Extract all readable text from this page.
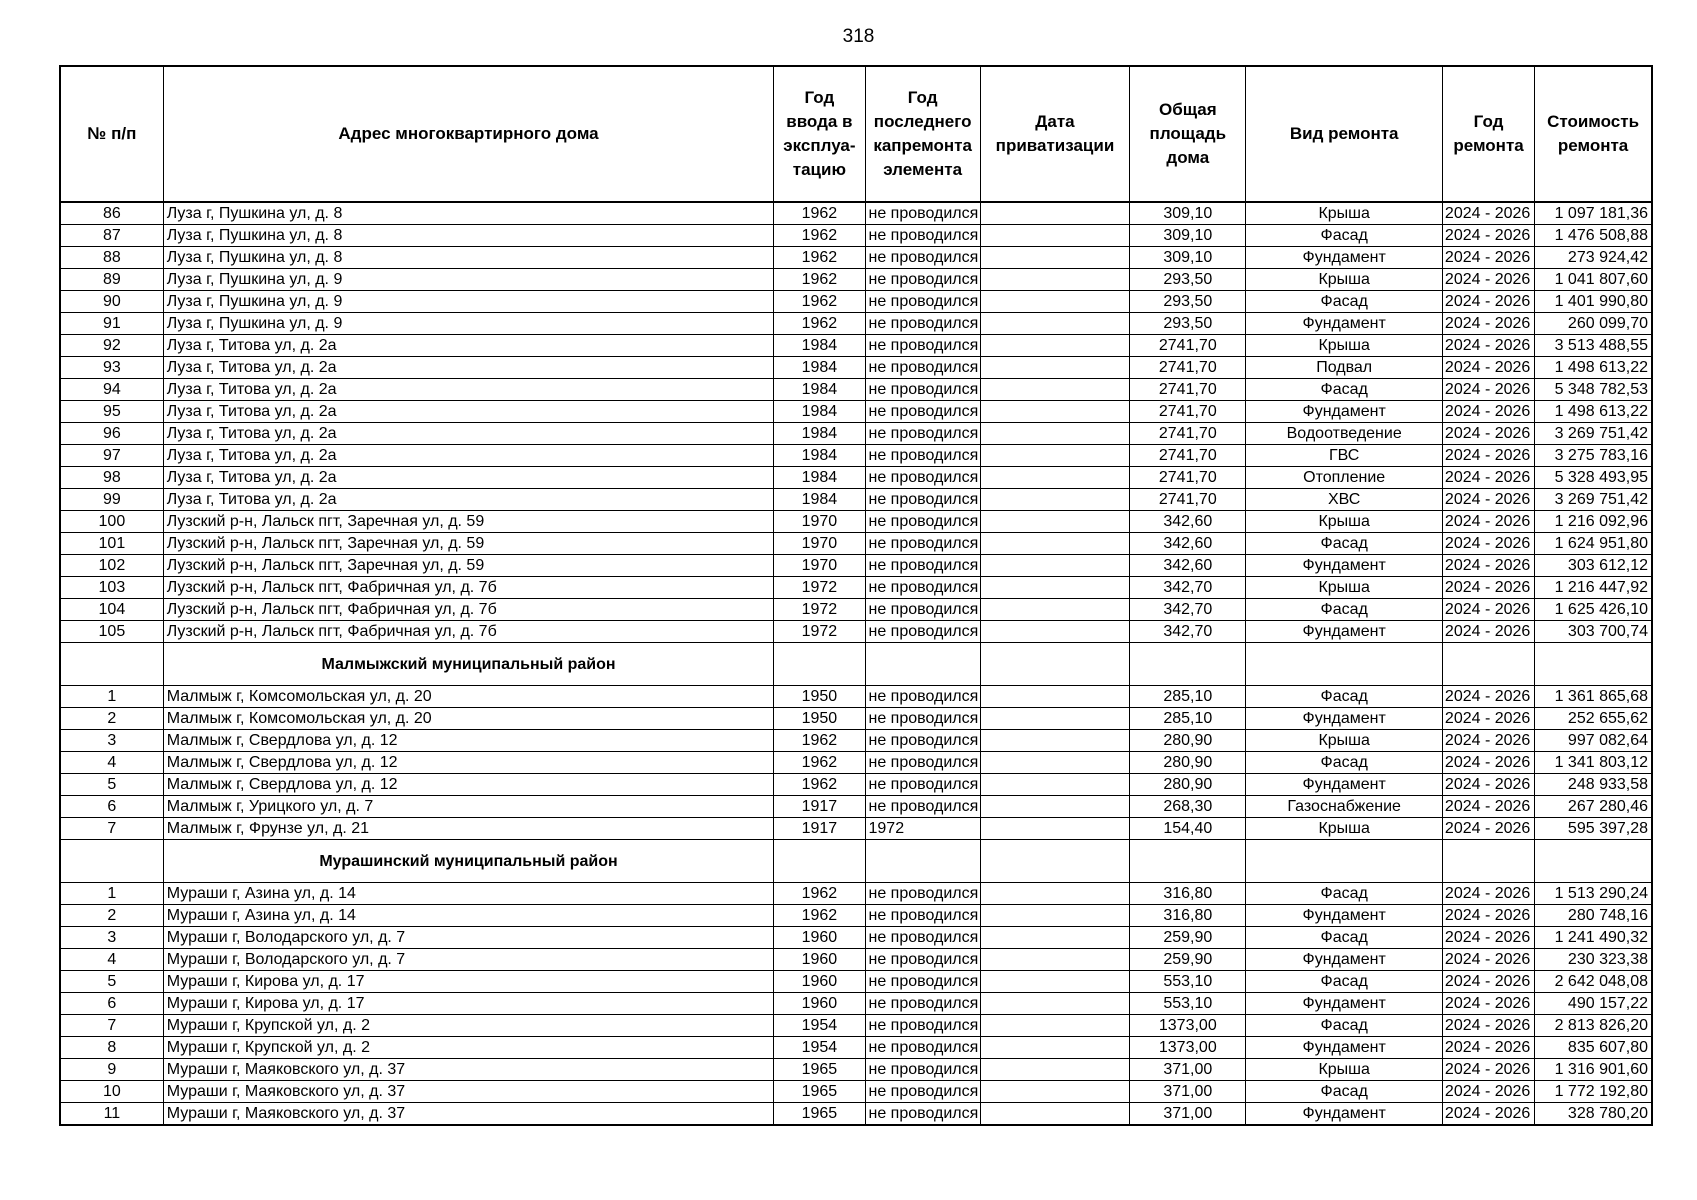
318
№ п/п	Адрес многоквартирного дома	Год ввода в эксплуа-тацию	Год последнего капремонта элемента	Дата приватизации	Общая площадь дома	Вид ремонта	Год ремонта	Стоимость ремонта
86	Луза г, Пушкина ул, д. 8	1962	не проводился		309,10	Крыша	2024 - 2026	1 097 181,36
87	Луза г, Пушкина ул, д. 8	1962	не проводился		309,10	Фасад	2024 - 2026	1 476 508,88
88	Луза г, Пушкина ул, д. 8	1962	не проводился		309,10	Фундамент	2024 - 2026	273 924,42
89	Луза г, Пушкина ул, д. 9	1962	не проводился		293,50	Крыша	2024 - 2026	1 041 807,60
90	Луза г, Пушкина ул, д. 9	1962	не проводился		293,50	Фасад	2024 - 2026	1 401 990,80
91	Луза г, Пушкина ул, д. 9	1962	не проводился		293,50	Фундамент	2024 - 2026	260 099,70
92	Луза г, Титова ул, д. 2а	1984	не проводился		2741,70	Крыша	2024 - 2026	3 513 488,55
93	Луза г, Титова ул, д. 2а	1984	не проводился		2741,70	Подвал	2024 - 2026	1 498 613,22
94	Луза г, Титова ул, д. 2а	1984	не проводился		2741,70	Фасад	2024 - 2026	5 348 782,53
95	Луза г, Титова ул, д. 2а	1984	не проводился		2741,70	Фундамент	2024 - 2026	1 498 613,22
96	Луза г, Титова ул, д. 2а	1984	не проводился		2741,70	Водоотведение	2024 - 2026	3 269 751,42
97	Луза г, Титова ул, д. 2а	1984	не проводился		2741,70	ГВС	2024 - 2026	3 275 783,16
98	Луза г, Титова ул, д. 2а	1984	не проводился		2741,70	Отопление	2024 - 2026	5 328 493,95
99	Луза г, Титова ул, д. 2а	1984	не проводился		2741,70	ХВС	2024 - 2026	3 269 751,42
100	Лузский р-н, Лальск пгт, Заречная ул, д. 59	1970	не проводился		342,60	Крыша	2024 - 2026	1 216 092,96
101	Лузский р-н, Лальск пгт, Заречная ул, д. 59	1970	не проводился		342,60	Фасад	2024 - 2026	1 624 951,80
102	Лузский р-н, Лальск пгт, Заречная ул, д. 59	1970	не проводился		342,60	Фундамент	2024 - 2026	303 612,12
103	Лузский р-н, Лальск пгт, Фабричная ул, д. 7б	1972	не проводился		342,70	Крыша	2024 - 2026	1 216 447,92
104	Лузский р-н, Лальск пгт, Фабричная ул, д. 7б	1972	не проводился		342,70	Фасад	2024 - 2026	1 625 426,10
105	Лузский р-н, Лальск пгт, Фабричная ул, д. 7б	1972	не проводился		342,70	Фундамент	2024 - 2026	303 700,74
	Малмыжский муниципальный район							
1	Малмыж г, Комсомольская ул, д. 20	1950	не проводился		285,10	Фасад	2024 - 2026	1 361 865,68
2	Малмыж г, Комсомольская ул, д. 20	1950	не проводился		285,10	Фундамент	2024 - 2026	252 655,62
3	Малмыж г, Свердлова ул, д. 12	1962	не проводился		280,90	Крыша	2024 - 2026	997 082,64
4	Малмыж г, Свердлова ул, д. 12	1962	не проводился		280,90	Фасад	2024 - 2026	1 341 803,12
5	Малмыж г, Свердлова ул, д. 12	1962	не проводился		280,90	Фундамент	2024 - 2026	248 933,58
6	Малмыж г, Урицкого ул, д. 7	1917	не проводился		268,30	Газоснабжение	2024 - 2026	267 280,46
7	Малмыж г, Фрунзе ул, д. 21	1917	1972		154,40	Крыша	2024 - 2026	595 397,28
	Мурашинский муниципальный район							
1	Мураши г, Азина ул, д. 14	1962	не проводился		316,80	Фасад	2024 - 2026	1 513 290,24
2	Мураши г, Азина ул, д. 14	1962	не проводился		316,80	Фундамент	2024 - 2026	280 748,16
3	Мураши г, Володарского ул, д. 7	1960	не проводился		259,90	Фасад	2024 - 2026	1 241 490,32
4	Мураши г, Володарского ул, д. 7	1960	не проводился		259,90	Фундамент	2024 - 2026	230 323,38
5	Мураши г, Кирова ул, д. 17	1960	не проводился		553,10	Фасад	2024 - 2026	2 642 048,08
6	Мураши г, Кирова ул, д. 17	1960	не проводился		553,10	Фундамент	2024 - 2026	490 157,22
7	Мураши г, Крупской ул, д. 2	1954	не проводился		1373,00	Фасад	2024 - 2026	2 813 826,20
8	Мураши г, Крупской ул, д. 2	1954	не проводился		1373,00	Фундамент	2024 - 2026	835 607,80
9	Мураши г, Маяковского ул, д. 37	1965	не проводился		371,00	Крыша	2024 - 2026	1 316 901,60
10	Мураши г, Маяковского ул, д. 37	1965	не проводился		371,00	Фасад	2024 - 2026	1 772 192,80
11	Мураши г, Маяковского ул, д. 37	1965	не проводился		371,00	Фундамент	2024 - 2026	328 780,20
